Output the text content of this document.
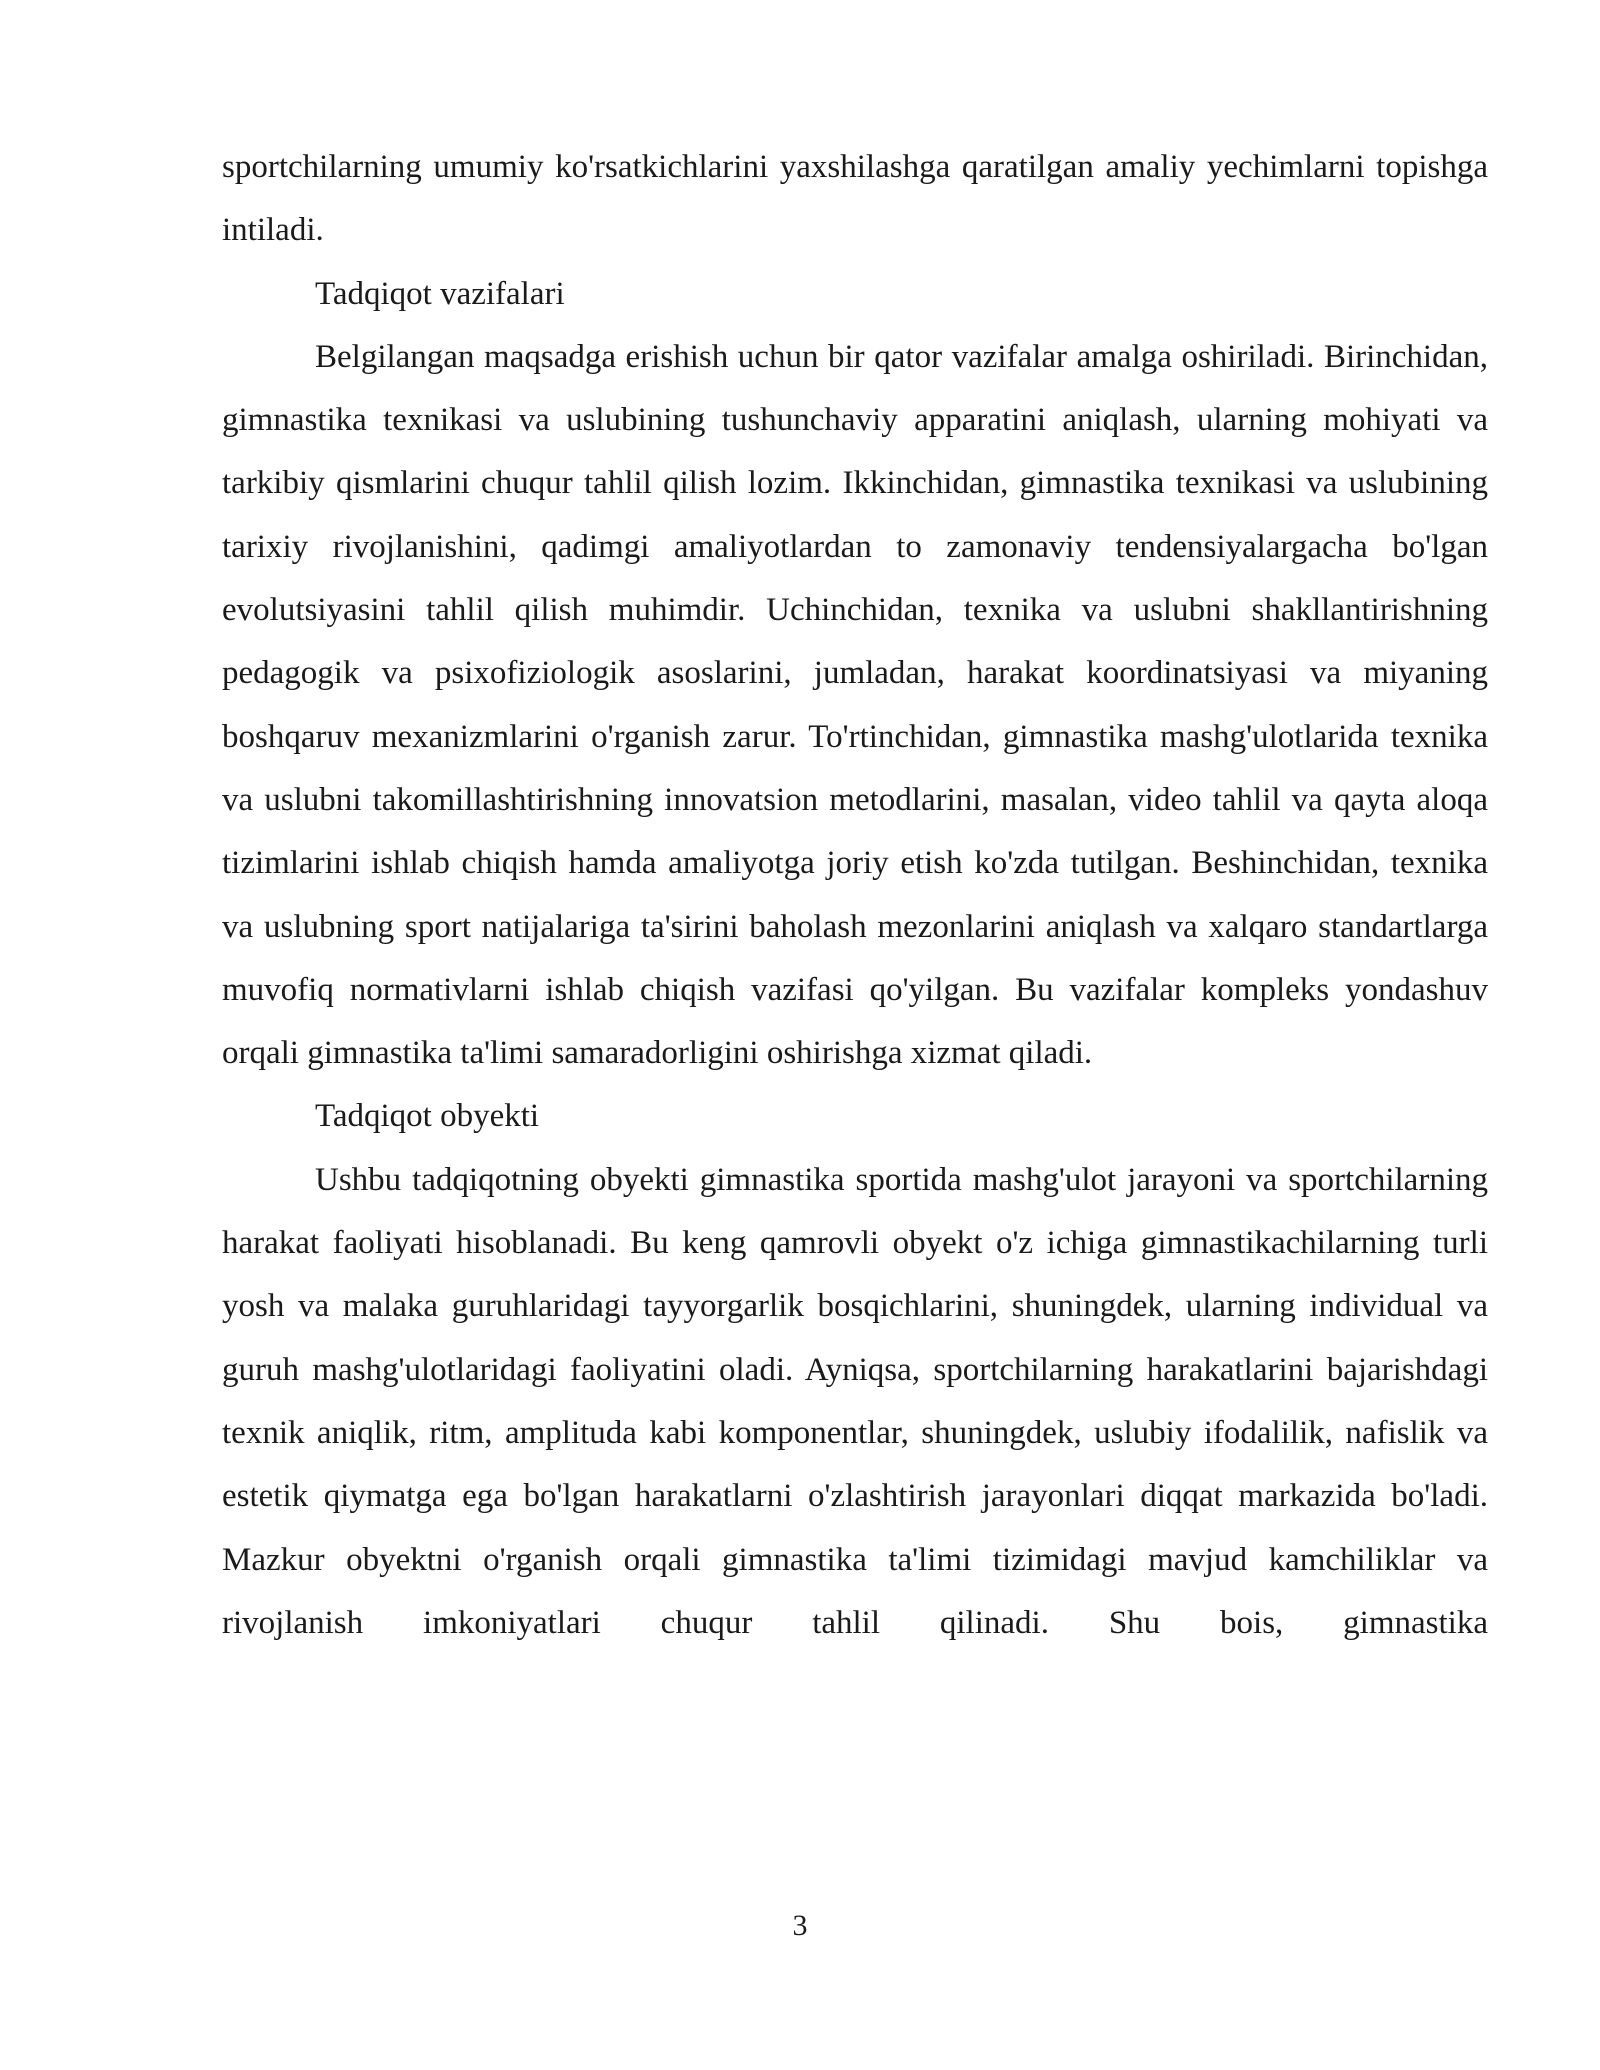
sportchilarning umumiy ko'rsatkichlarini yaxshilashga qaratilgan amaliy yechimlarni topishga intiladi.

Tadqiqot vazifalari

Belgilangan maqsadga erishish uchun bir qator vazifalar amalga oshiriladi. Birinchidan, gimnastika texnikasi va uslubining tushunchaviy apparatini aniqlash, ularning mohiyati va tarkibiy qismlarini chuqur tahlil qilish lozim. Ikkinchidan, gimnastika texnikasi va uslubining tarixiy rivojlanishini, qadimgi amaliyotlardan to zamonaviy tendensiyalargacha bo'lgan evolutsiyasini tahlil qilish muhimdir. Uchinchidan, texnika va uslubni shakllantirishning pedagogik va psixofiziologik asoslarini, jumladan, harakat koordinatsiyasi va miyaning boshqaruv mexanizmlarini o'rganish zarur. To'rtinchidan, gimnastika mashg'ulotlarida texnika va uslubni takomillashtirishning innovatsion metodlarini, masalan, video tahlil va qayta aloqa tizimlarini ishlab chiqish hamda amaliyotga joriy etish ko'zda tutilgan. Beshinchidan, texnika va uslubning sport natijalariga ta'sirini baholash mezonlarini aniqlash va xalqaro standartlarga muvofiq normativlarni ishlab chiqish vazifasi qo'yilgan. Bu vazifalar kompleks yondashuv orqali gimnastika ta'limi samaradorligini oshirishga xizmat qiladi.

Tadqiqot obyekti

Ushbu tadqiqotning obyekti gimnastika sportida mashg'ulot jarayoni va sportchilarning harakat faoliyati hisoblanadi. Bu keng qamrovli obyekt o'z ichiga gimnastikachilarning turli yosh va malaka guruhlaridagi tayyorgarlik bosqichlarini, shuningdek, ularning individual va guruh mashg'ulotlaridagi faoliyatini oladi. Ayniqsa, sportchilarning harakatlarini bajarishdagi texnik aniqlik, ritm, amplituda kabi komponentlar, shuningdek, uslubiy ifodalilik, nafislik va estetik qiymatga ega bo'lgan harakatlarni o'zlashtirish jarayonlari diqqat markazida bo'ladi. Mazkur obyektni o'rganish orqali gimnastika ta'limi tizimidagi mavjud kamchiliklar va rivojlanish imkoniyatlari chuqur tahlil qilinadi. Shu bois, gimnastika

3
